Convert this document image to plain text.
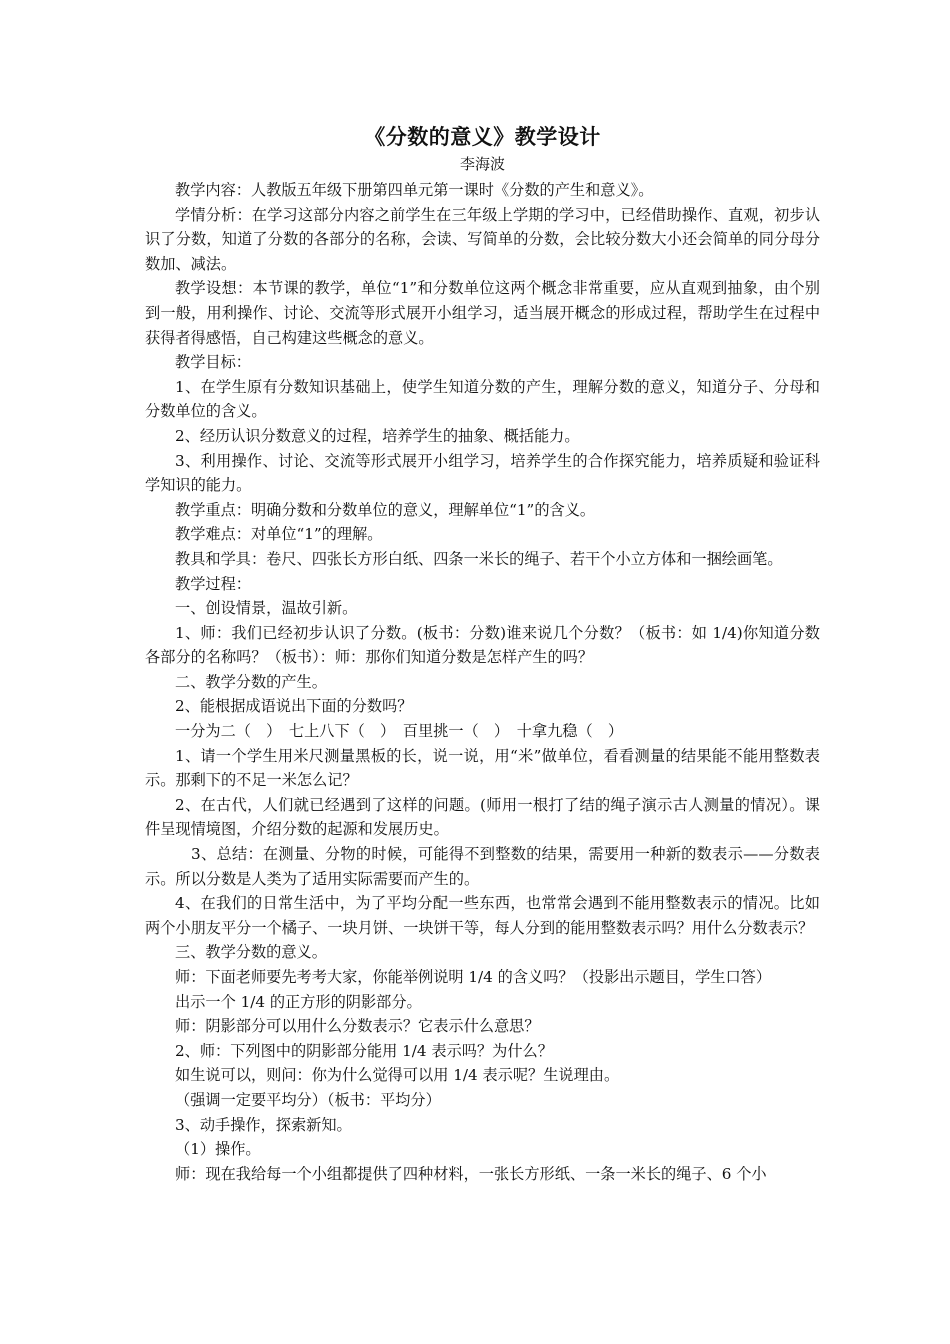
《分数的意义》教学设计
李海波

教学内容：人教版五年级下册第四单元第一课时《分数的产生和意义》。

学情分析：在学习这部分内容之前学生在三年级上学期的学习中，已经借助操作、直观，初步认识了分数，知道了分数的各部分的名称，会读、写简单的分数，会比较分数大小还会简单的同分母分数加、减法。

教学设想：本节课的教学，单位“1”和分数单位这两个概念非常重要，应从直观到抽象，由个别到一般，用利操作、讨论、交流等形式展开小组学习，适当展开概念的形成过程，帮助学生在过程中获得者得感悟，自己构建这些概念的意义。

教学目标：

1、在学生原有分数知识基础上，使学生知道分数的产生，理解分数的意义，知道分子、分母和分数单位的含义。

2、经历认识分数意义的过程，培养学生的抽象、概括能力。

3、利用操作、讨论、交流等形式展开小组学习，培养学生的合作探究能力，培养质疑和验证科学知识的能力。

教学重点：明确分数和分数单位的意义，理解单位“1”的含义。

教学难点：对单位“1”的理解。

教具和学具：卷尺、四张长方形白纸、四条一米长的绳子、若干个小立方体和一捆绘画笔。

教学过程：

一、创设情景，温故引新。

1、师：我们已经初步认识了分数。(板书：分数)谁来说几个分数？（板书：如 1/4)你知道分数各部分的名称吗？（板书）：师：那你们知道分数是怎样产生的吗？

二、教学分数的产生。

2、能根据成语说出下面的分数吗？

一分为二（　）　七上八下（　）　百里挑一（　）　十拿九稳（　）

1、请一个学生用米尺测量黑板的长，说一说，用“米”做单位，看看测量的结果能不能用整数表示。那剩下的不足一米怎么记？

2、在古代，人们就已经遇到了这样的问题。(师用一根打了结的绳子演示古人测量的情况）。课件呈现情境图，介绍分数的起源和发展历史。

3、总结：在测量、分物的时候，可能得不到整数的结果，需要用一种新的数表示——分数表示。所以分数是人类为了适用实际需要而产生的。

4、在我们的日常生活中，为了平均分配一些东西，也常常会遇到不能用整数表示的情况。比如两个小朋友平分一个橘子、一块月饼、一块饼干等，每人分到的能用整数表示吗？用什么分数表示？

三、教学分数的意义。

师：下面老师要先考考大家，你能举例说明 1/4 的含义吗？（投影出示题目，学生口答）

出示一个 1/4 的正方形的阴影部分。

师：阴影部分可以用什么分数表示？它表示什么意思？

2、师：下列图中的阴影部分能用 1/4 表示吗？为什么？

如生说可以，则问：你为什么觉得可以用 1/4 表示呢？生说理由。

（强调一定要平均分）（板书：平均分）

3、动手操作，探索新知。

（1）操作。

师：现在我给每一个小组都提供了四种材料，一张长方形纸、一条一米长的绳子、6 个小
